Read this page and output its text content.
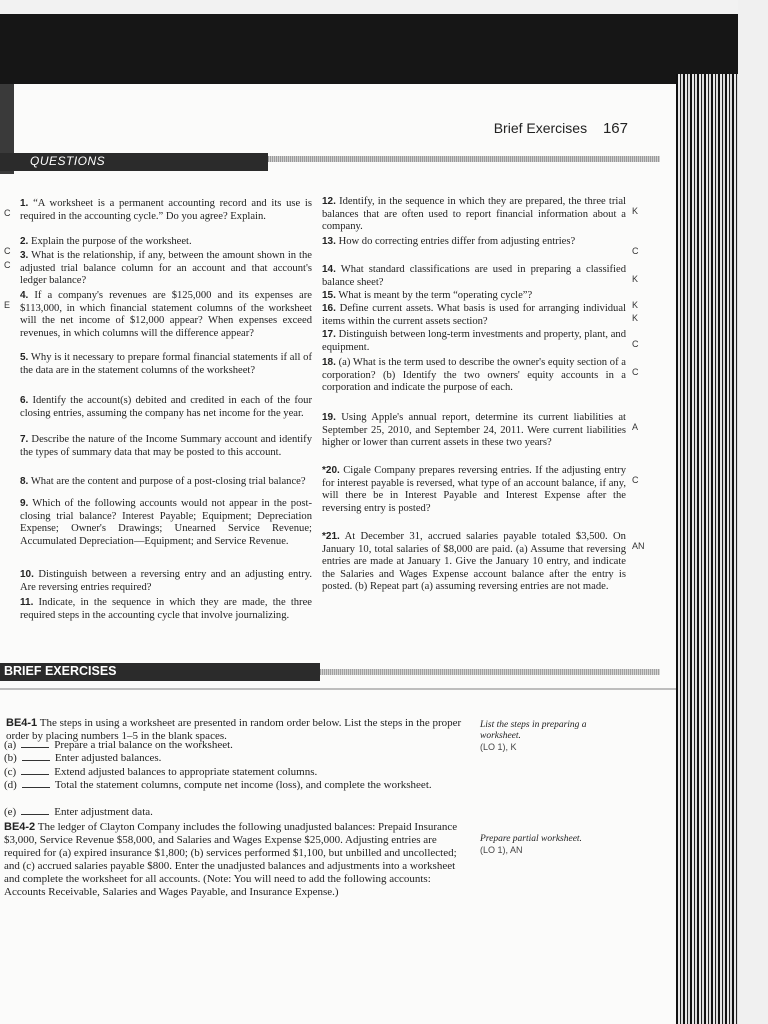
Brief Exercises 167
QUESTIONS
1. “A worksheet is a permanent accounting record and its use is required in the accounting cycle.” Do you agree? Explain.
C
2. Explain the purpose of the worksheet.
C 3. What is the relationship, if any, between the amount shown in the adjusted trial balance column for an account and that account's ledger balance?
C
4. If a company's revenues are $125,000 and its expenses are $113,000, in which financial statement columns of the worksheet will the net income of $12,000 appear? When expenses exceed revenues, in which columns will the difference appear?
E
5. Why is it necessary to prepare formal financial statements if all of the data are in the statement columns of the worksheet?
6. Identify the account(s) debited and credited in each of the four closing entries, assuming the company has net income for the year.
7. Describe the nature of the Income Summary account and identify the types of summary data that may be posted to this account.
8. What are the content and purpose of a post-closing trial balance?
9. Which of the following accounts would not appear in the post-closing trial balance? Interest Payable; Equipment; Depreciation Expense; Owner's Drawings; Unearned Service Revenue; Accumulated Depreciation—Equipment; and Service Revenue.
10. Distinguish between a reversing entry and an adjusting entry. Are reversing entries required?
11. Indicate, in the sequence in which they are made, the three required steps in the accounting cycle that involve journalizing.
12. Identify, in the sequence in which they are prepared, the three trial balances that are often used to report financial information about a company.
K
13. How do correcting entries differ from adjusting entries?
C
14. What standard classifications are used in preparing a classified balance sheet?	K
15. What is meant by the term “operating cycle”?
K
16. Define current assets. What basis is used for arranging individual items within the current assets section?	K
17. Distinguish between long-term investments and property, plant, and equipment.	C
18. (a) What is the term used to describe the owner's equity section of a corporation? (b) Identify the two owners' equity accounts in a corporation and indicate the purpose of each.
C
19. Using Apple's annual report, determine its current liabilities at September 25, 2010, and September 24, 2011. Were current liabilities higher or lower than current assets in these two years?
A
*20. Cigale Company prepares reversing entries. If the adjusting entry for interest payable is reversed, what type of an account balance, if any, will there be in Interest Payable and Interest Expense after the reversing entry is posted?
C
*21. At December 31, accrued salaries payable totaled $3,500. On January 10, total salaries of $8,000 are paid. (a) Assume that reversing entries are made at January 1. Give the January 10 entry, and indicate the Salaries and Wages Expense account balance after the entry is posted. (b) Repeat part (a) assuming reversing entries are not made.
AN
BRIEF EXERCISES
BE4-1 The steps in using a worksheet are presented in random order below. List the steps in the proper order by placing numbers 1–5 in the blank spaces.
List the steps in preparing a worksheet.
(LO 1), K
(a)	Prepare a trial balance on the worksheet.
(b)	Enter adjusted balances.
(c)	Extend adjusted balances to appropriate statement columns.
(d)	Total the statement columns, compute net income (loss), and complete the worksheet.
(e)	Enter adjustment data.
BE4-2 The ledger of Clayton Company includes the following unadjusted balances: Prepaid Insurance $3,000, Service Revenue $58,000, and Salaries and Wages Expense $25,000. Adjusting entries are required for (a) expired insurance $1,800; (b) services performed $1,100, but unbilled and uncollected; and (c) accrued salaries payable $800. Enter the unadjusted balances and adjustments into a worksheet and complete the worksheet for all accounts. (Note: You will need to add the following accounts: Accounts Receivable, Salaries and Wages Payable, and Insurance Expense.)
Prepare partial worksheet.
(LO 1), AN
